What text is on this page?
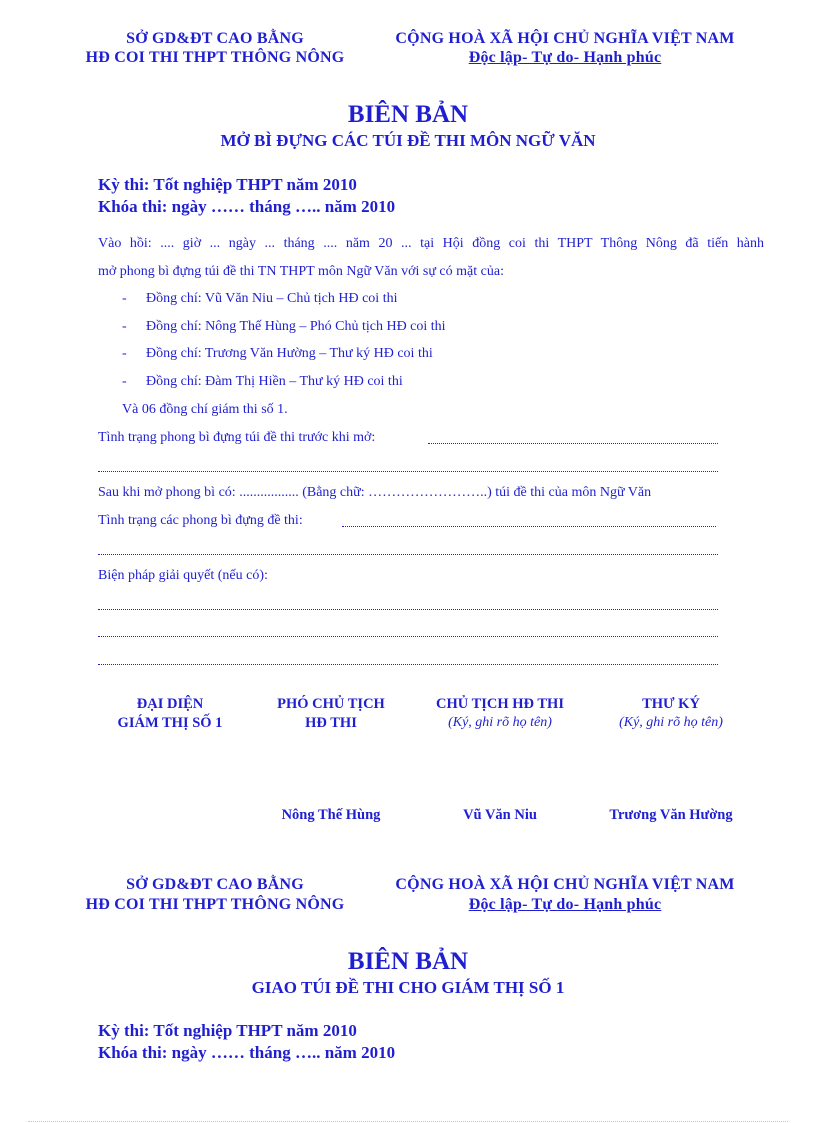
SỞ GD&ĐT CAO BẰNG
HĐ COI THI THPT THÔNG NÔNG
CỘNG HOÀ XÃ HỘI CHỦ NGHĨA VIỆT NAM
Độc lập- Tự do- Hạnh phúc
BIÊN BẢN
MỞ BÌ ĐỰNG CÁC TÚI ĐỀ THI MÔN NGỮ VĂN
Kỳ thi: Tốt nghiệp THPT năm 2010
Khóa thi: ngày …… tháng ….. năm 2010
Vào hồi: .... giờ ... ngày ... tháng .... năm 20 ... tại Hội đồng coi thi THPT Thông Nông đã tiến hành
mở phong bì đựng túi đề thi TN THPT môn Ngữ Văn với sự có mặt của:
- Đồng chí: Vũ Văn Niu – Chủ tịch HĐ coi thi
- Đồng chí: Nông Thế Hùng – Phó Chủ tịch HĐ coi thi
- Đồng chí: Trương Văn Hường – Thư ký HĐ coi thi
- Đồng chí: Đàm Thị Hiền – Thư ký HĐ coi thi
Và 06 đồng chí giám thi số 1.
Tình trạng phong bì đựng túi đề thi trước khi mở:
Sau khi mở phong bì có: ................. (Bằng chữ: ……………………..) túi đề thi của môn Ngữ Văn
Tình trạng các phong bì đựng đề thi:
Biện pháp giải quyết (nếu có):
ĐẠI DIỆN
GIÁM THỊ SỐ 1
PHÓ CHỦ TỊCH
HĐ THI
CHỦ TỊCH HĐ THI
(Ký, ghi rõ họ tên)
THƯ KÝ
(Ký, ghi rõ họ tên)
Nông Thế Hùng	Vũ Văn Niu	Trương Văn Hường
SỞ GD&ĐT CAO BẰNG
HĐ COI THI THPT THÔNG NÔNG
CỘNG HOÀ XÃ HỘI CHỦ NGHĨA VIỆT NAM
Độc lập- Tự do- Hạnh phúc
BIÊN BẢN
GIAO TÚI ĐỀ THI CHO GIÁM THỊ SỐ 1
Kỳ thi: Tốt nghiệp THPT năm 2010
Khóa thi: ngày …… tháng ….. năm 2010
